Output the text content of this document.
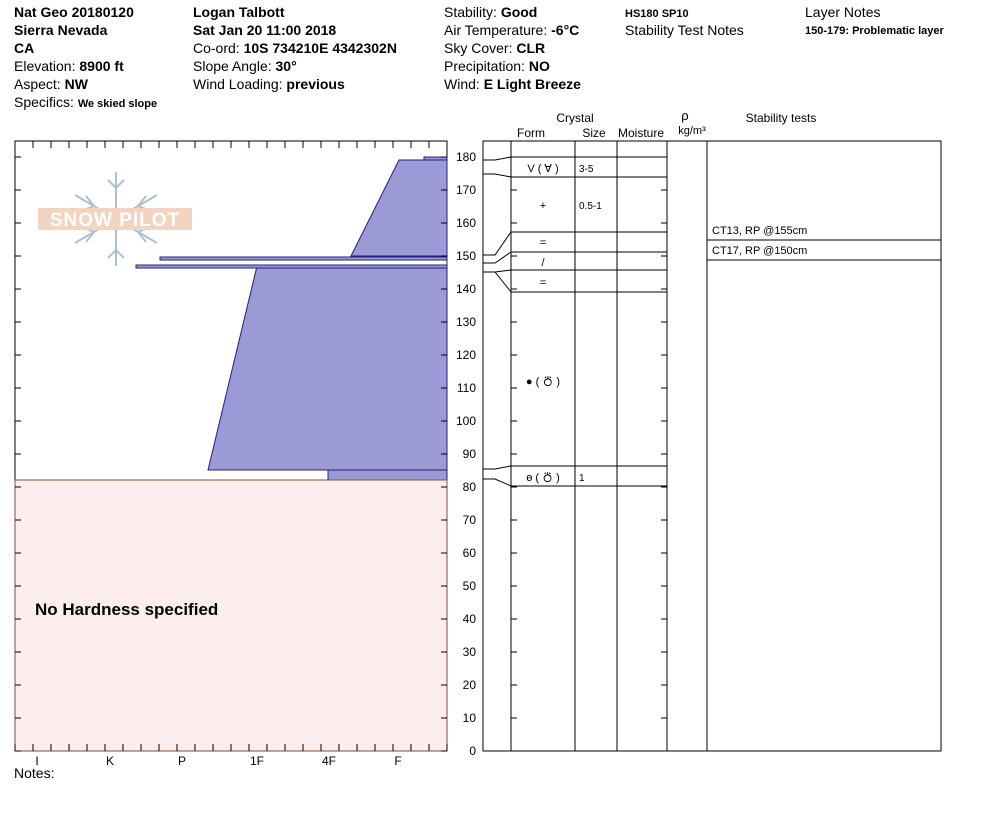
Nat Geo 20180120
Sierra Nevada
CA
Elevation: 8900 ft
Aspect: NW
Specifics: We skied slope
Logan Talbott
Sat Jan 20 11:00 2018
Co-ord: 10S 734210E 4342302N
Slope Angle: 30°
Wind Loading: previous
Stability: Good
Air Temperature: -6°C
Sky Cover: CLR
Precipitation: NO
Wind: E Light Breeze
HS180 SP10
Stability Test Notes
Layer Notes
150-179: Problematic layer
No Hardness specified
SNOW PILOT
0
10
20
30
40
50
60
70
80
90
100
110
120
130
140
150
160
170
180
I	K	P	1F	4F	F
Crystal
Form	Size Moisture
ρ
kg/m³
Stability tests
V ( ∀ ) 3-5
+	0.5-1
=
/
=
● ( ⛣ )
ө ( ⛣ ) 1
CT13, RP @155cm
CT17, RP @150cm
Notes:
